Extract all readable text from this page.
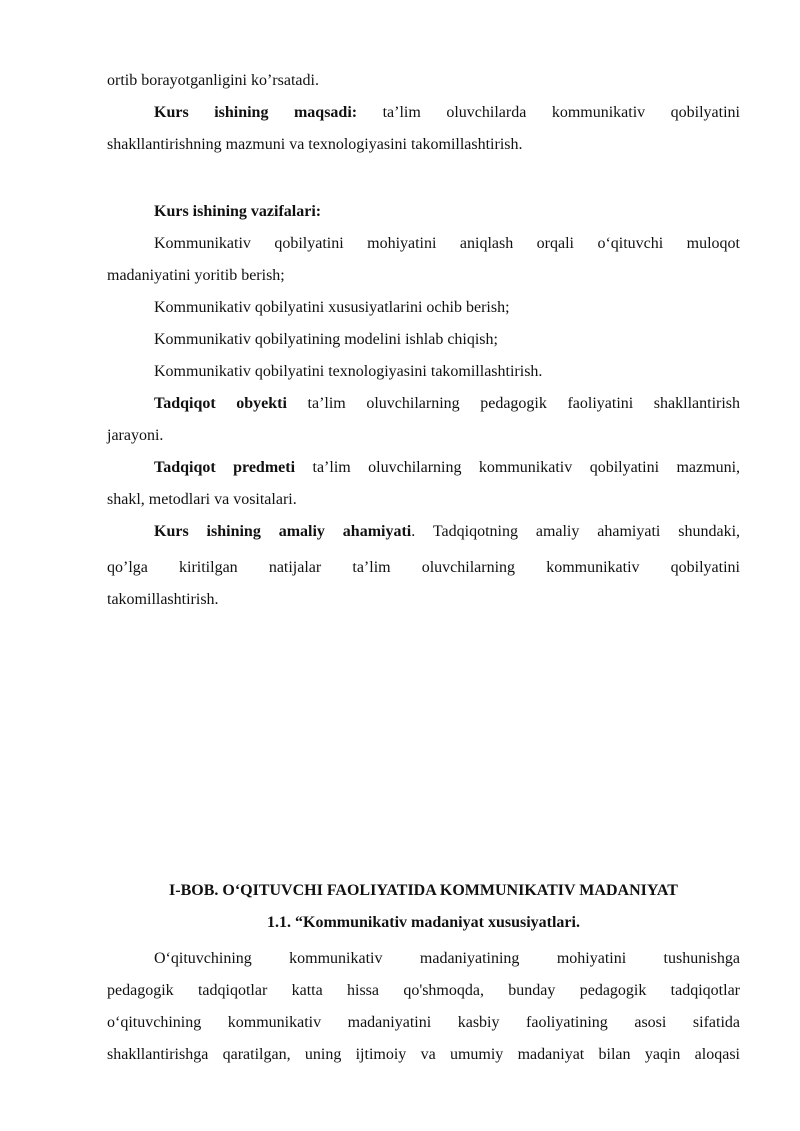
ortib borayotganligini ko’rsatadi.
Kurs ishining maqsadi: ta’lim oluvchilarda kommunikativ qobilyatini
shakllantirishning mazmuni va texnologiyasini takomillashtirish.
Kurs ishining vazifalari:
Kommunikativ qobilyatini mohiyatini aniqlash orqali o‘qituvchi muloqot
madaniyatini yoritib berish;
Kommunikativ qobilyatini xususiyatlarini ochib berish;
Kommunikativ qobilyatining modelini ishlab chiqish;
Kommunikativ qobilyatini texnologiyasini takomillashtirish.
Tadqiqot obyekti ta’lim oluvchilarning pedagogik faoliyatini shakllantirish
jarayoni.
Tadqiqot predmeti ta’lim oluvchilarning kommunikativ qobilyatini mazmuni,
shakl, metodlari va vositalari.
Kurs ishining amaliy ahamiyati. Tadqiqotning amaliy ahamiyati shundaki,
qo’lga kiritilgan natijalar ta’lim oluvchilarning kommunikativ qobilyatini
takomillashtirish.
I-BOB. O‘QITUVCHI FAOLIYATIDA KOMMUNIKATIV MADANIYAT
1.1. “Kommunikativ madaniyat xususiyatlari.
O‘qituvchining kommunikativ madaniyatining mohiyatini tushunishga
pedagogik tadqiqotlar katta hissa qo'shmoqda, bunday pedagogik tadqiqotlar
o‘qituvchining kommunikativ madaniyatini kasbiy faoliyatining asosi sifatida
shakllantirishga qaratilgan, uning ijtimoiy va umumiy madaniyat bilan yaqin aloqasi
